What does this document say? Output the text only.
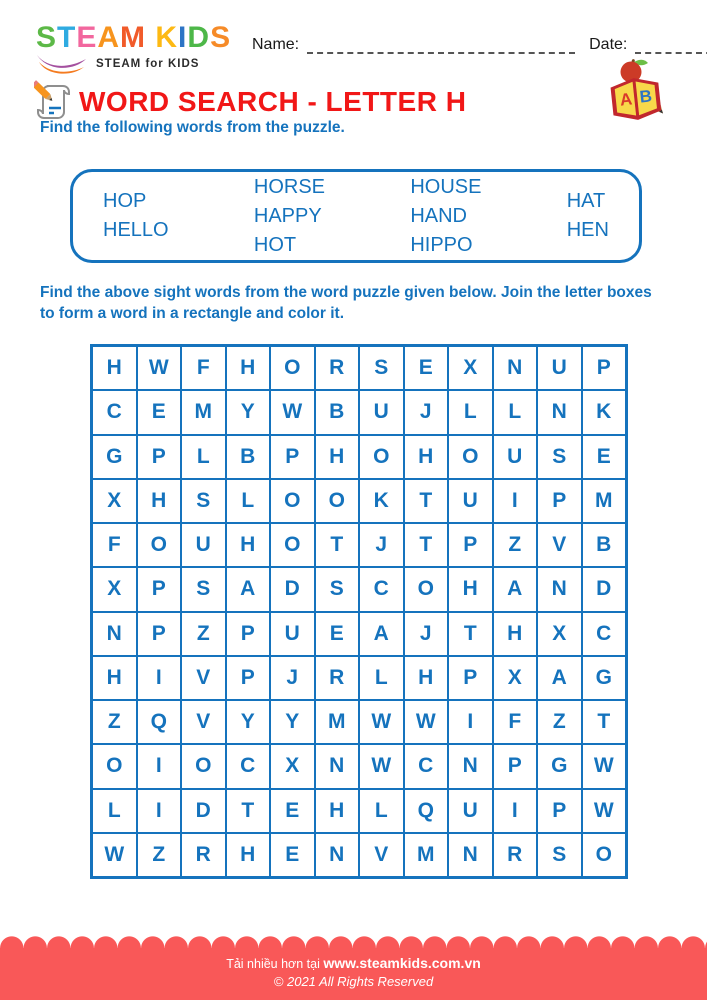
STEAM KIDS
STEAM for KIDS
Name:	Date:
A B
WORD SEARCH - LETTER H
Find the following words from the puzzle.
HOP
HELLO
HORSE
HAPPY
HOT
HOUSE
HAND
HIPPO
HAT
HEN
Find the above sight words from the word puzzle given below. Join the letter boxes to form a word in a rectangle and color it.
H	W	F	H	O	R	S	E	X	N	U	P
C	E	M	Y	W	B	U	J	L	L	N	K
G	P	L	B	P	H	O	H	O	U	S	E
X	H	S	L	O	O	K	T	U	I	P	M
F	O	U	H	O	T	J	T	P	Z	V	B
X	P	S	A	D	S	C	O	H	A	N	D
N	P	Z	P	U	E	A	J	T	H	X	C
H	I	V	P	J	R	L	H	P	X	A	G
Z	Q	V	Y	Y	M	W	W	I	F	Z	T
O	I	O	C	X	N	W	C	N	P	G	W
L	I	D	T	E	H	L	Q	U	I	P	W
W	Z	R	H	E	N	V	M	N	R	S	O
Tải nhiều hơn tại www.steamkids.com.vn
© 2021 All Rights Reserved
